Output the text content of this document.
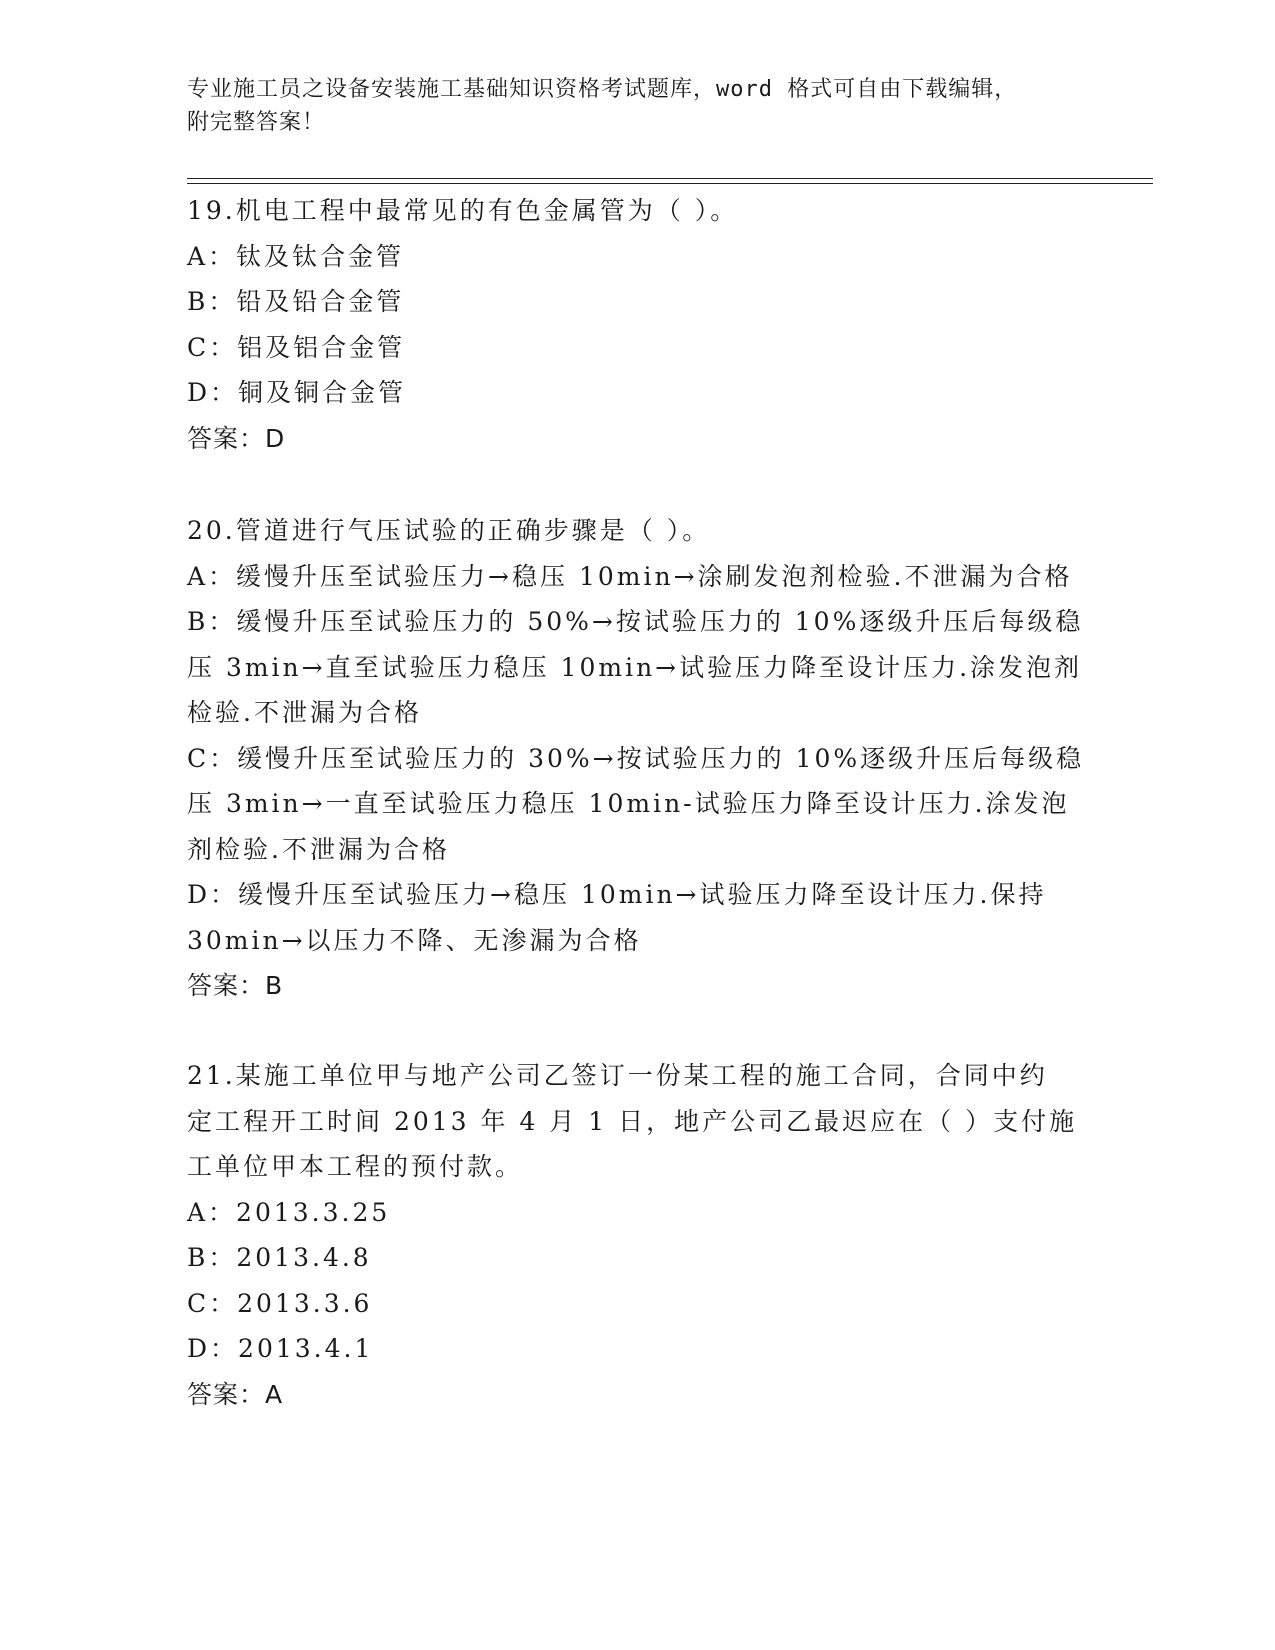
专业施工员之设备安装施工基础知识资格考试题库，word 格式可自由下载编辑，
附完整答案！
19.机电工程中最常见的有色金属管为（ ）。
A：钛及钛合金管
B：铅及铅合金管
C：铝及铝合金管
D：铜及铜合金管
答案：D
20.管道进行气压试验的正确步骤是（ ）。
A：缓慢升压至试验压力→稳压 10min→涂刷发泡剂检验.不泄漏为合格
B：缓慢升压至试验压力的 50%→按试验压力的 10%逐级升压后每级稳
压 3min→直至试验压力稳压 10min→试验压力降至设计压力.涂发泡剂
检验.不泄漏为合格
C：缓慢升压至试验压力的 30%→按试验压力的 10%逐级升压后每级稳
压 3min→一直至试验压力稳压 10min-试验压力降至设计压力.涂发泡
剂检验.不泄漏为合格
D：缓慢升压至试验压力→稳压 10min→试验压力降至设计压力.保持
30min→以压力不降、无渗漏为合格
答案：B
21.某施工单位甲与地产公司乙签订一份某工程的施工合同，合同中约
定工程开工时间 2013 年 4 月 1 日，地产公司乙最迟应在（ ）支付施
工单位甲本工程的预付款。
A：2013.3.25
B：2013.4.8
C：2013.3.6
D：2013.4.1
答案：A
